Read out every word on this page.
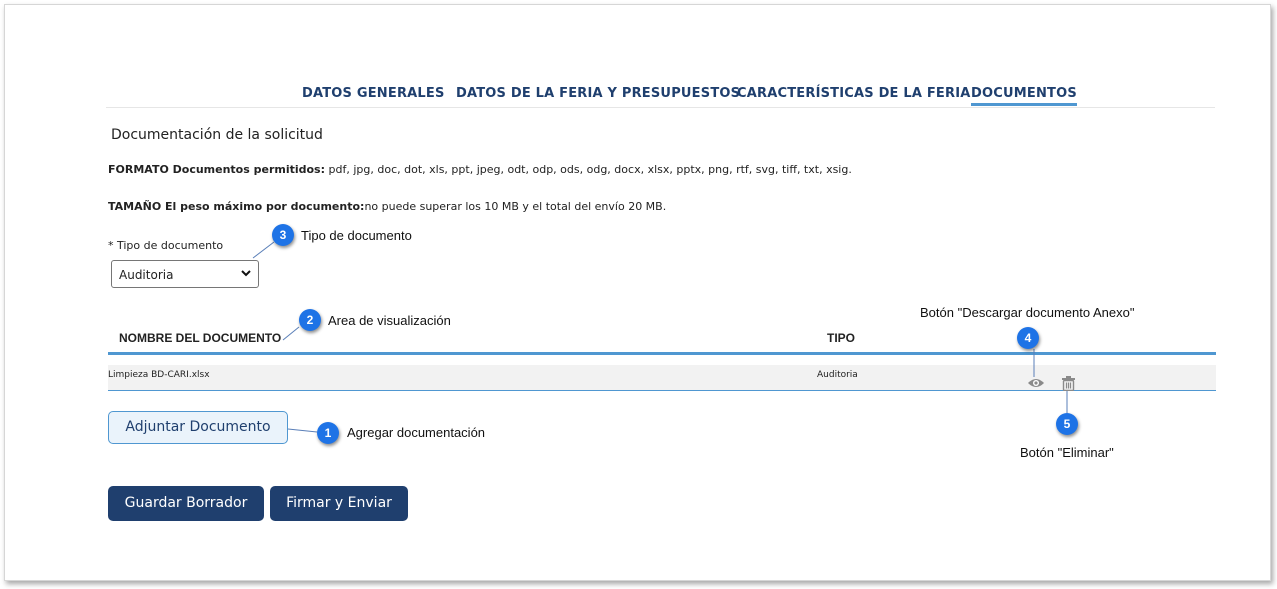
DATOS GENERALES DATOS DE LA FERIA Y PRESUPUESTOS
CARACTERÍSTICAS DE LA FERIA DOCUMENTOS
Documentación de la solicitud
FORMATO Documentos permitidos: pdf, jpg, doc, dot, xls, ppt, jpeg, odt, odp, ods, odg, docx, xlsx, pptx, png, rtf, svg, tiff, txt, xsig.
TAMAÑO El peso máximo por documento:no puede superar los 10 MB y el total del envío 20 MB.
* Tipo de documento
Auditoria
NOMBRE DEL DOCUMENTO	TIPO
Limpieza BD-CARI.xlsx	Auditoria
Adjuntar Documento
Guardar Borrador	Firmar y Enviar
1	Agregar documentación
2	Area de visualización
3	Tipo de documento
4
Botón "Descargar documento Anexo"
5
Botón "Eliminar"
